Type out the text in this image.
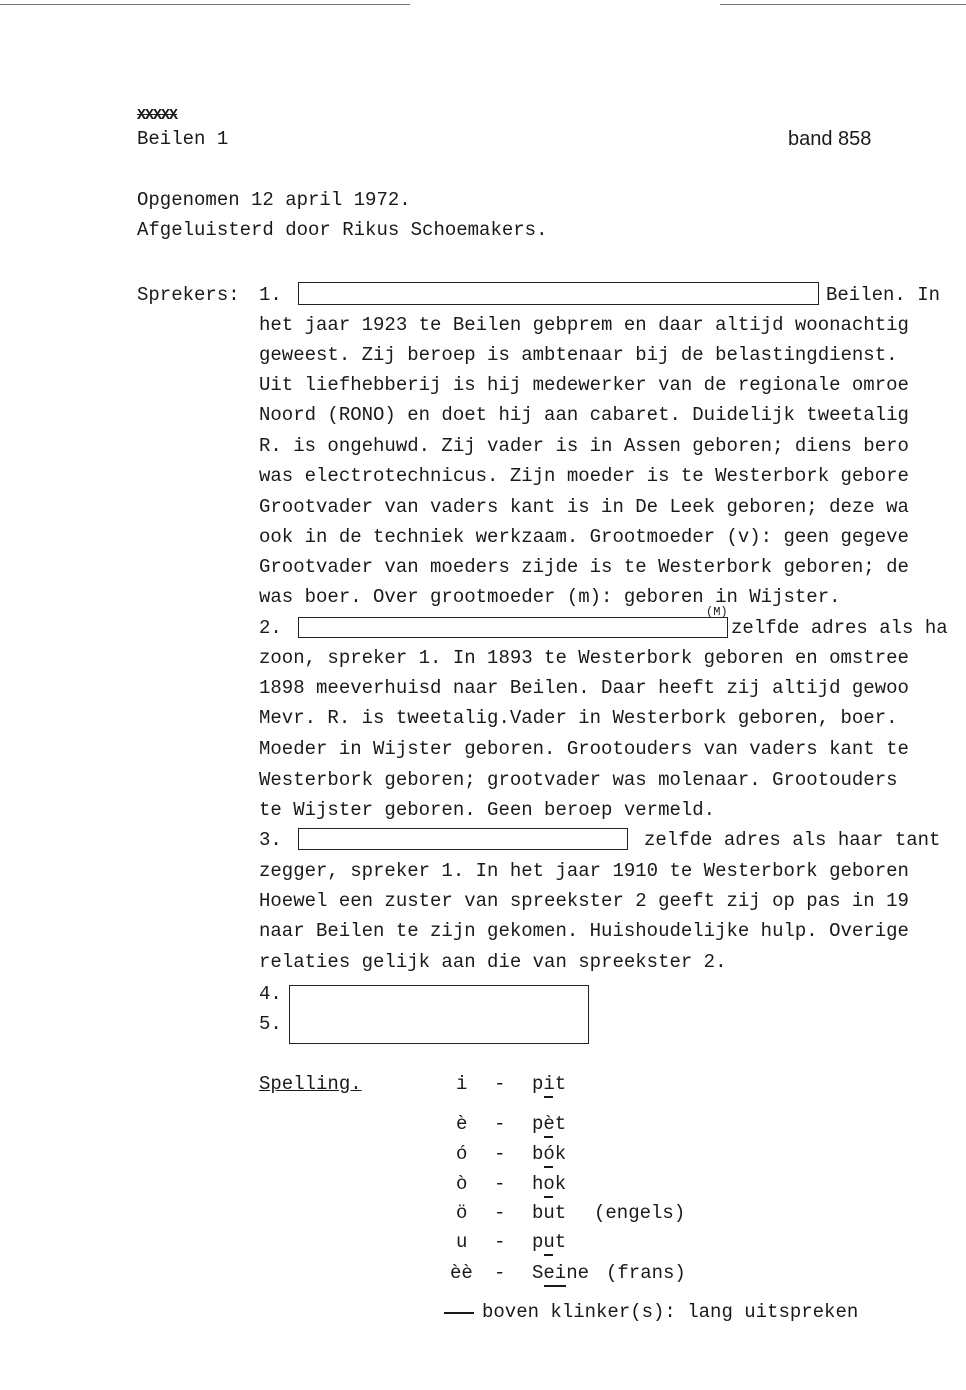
XXXXX
Beilen 1	band 858
Opgenomen 12 april 1972.
Afgeluisterd door Rikus Schoemakers.
Sprekers: 1.	Beilen. In
het jaar 1923 te Beilen gebprem en daar altijd woonachtig
geweest. Zij beroep is ambtenaar bij de belastingdienst.
Uit liefhebberij is hij medewerker van de regionale omroe
Noord (RONO) en doet hij aan cabaret. Duidelijk tweetalig
R. is ongehuwd. Zij vader is in Assen geboren; diens bero
was electrotechnicus. Zijn moeder is te Westerbork gebore
Grootvader van vaders kant is in De Leek geboren; deze wa
ook in de techniek werkzaam. Grootmoeder (v): geen gegeve
Grootvader van moeders zijde is te Westerbork geboren; de
was boer. Over grootmoeder (m): geboren in Wijster.
2.
(M)
zelfde adres als ha
zoon, spreker 1. In 1893 te Westerbork geboren en omstree
1898 meeverhuisd naar Beilen. Daar heeft zij altijd gewoo
Mevr. R. is tweetalig.Vader in Westerbork geboren, boer.
Moeder in Wijster geboren. Grootouders van vaders kant te
Westerbork geboren; grootvader was molenaar. Grootouders
te Wijster geboren. Geen beroep vermeld.
3.	zelfde adres als haar tant
zegger, spreker 1. In het jaar 1910 te Westerbork geboren
Hoewel een zuster van spreekster 2 geeft zij op pas in 19
naar Beilen te zijn gekomen. Huishoudelijke hulp. Overige
relaties gelijk aan die van spreekster 2.
4.
5.
Spelling.	i - pit
è - pèt
ó - bók
ò - hok
ö - but (engels)
u - put
èè - Seine (frans)
boven klinker(s): lang uitspreken
